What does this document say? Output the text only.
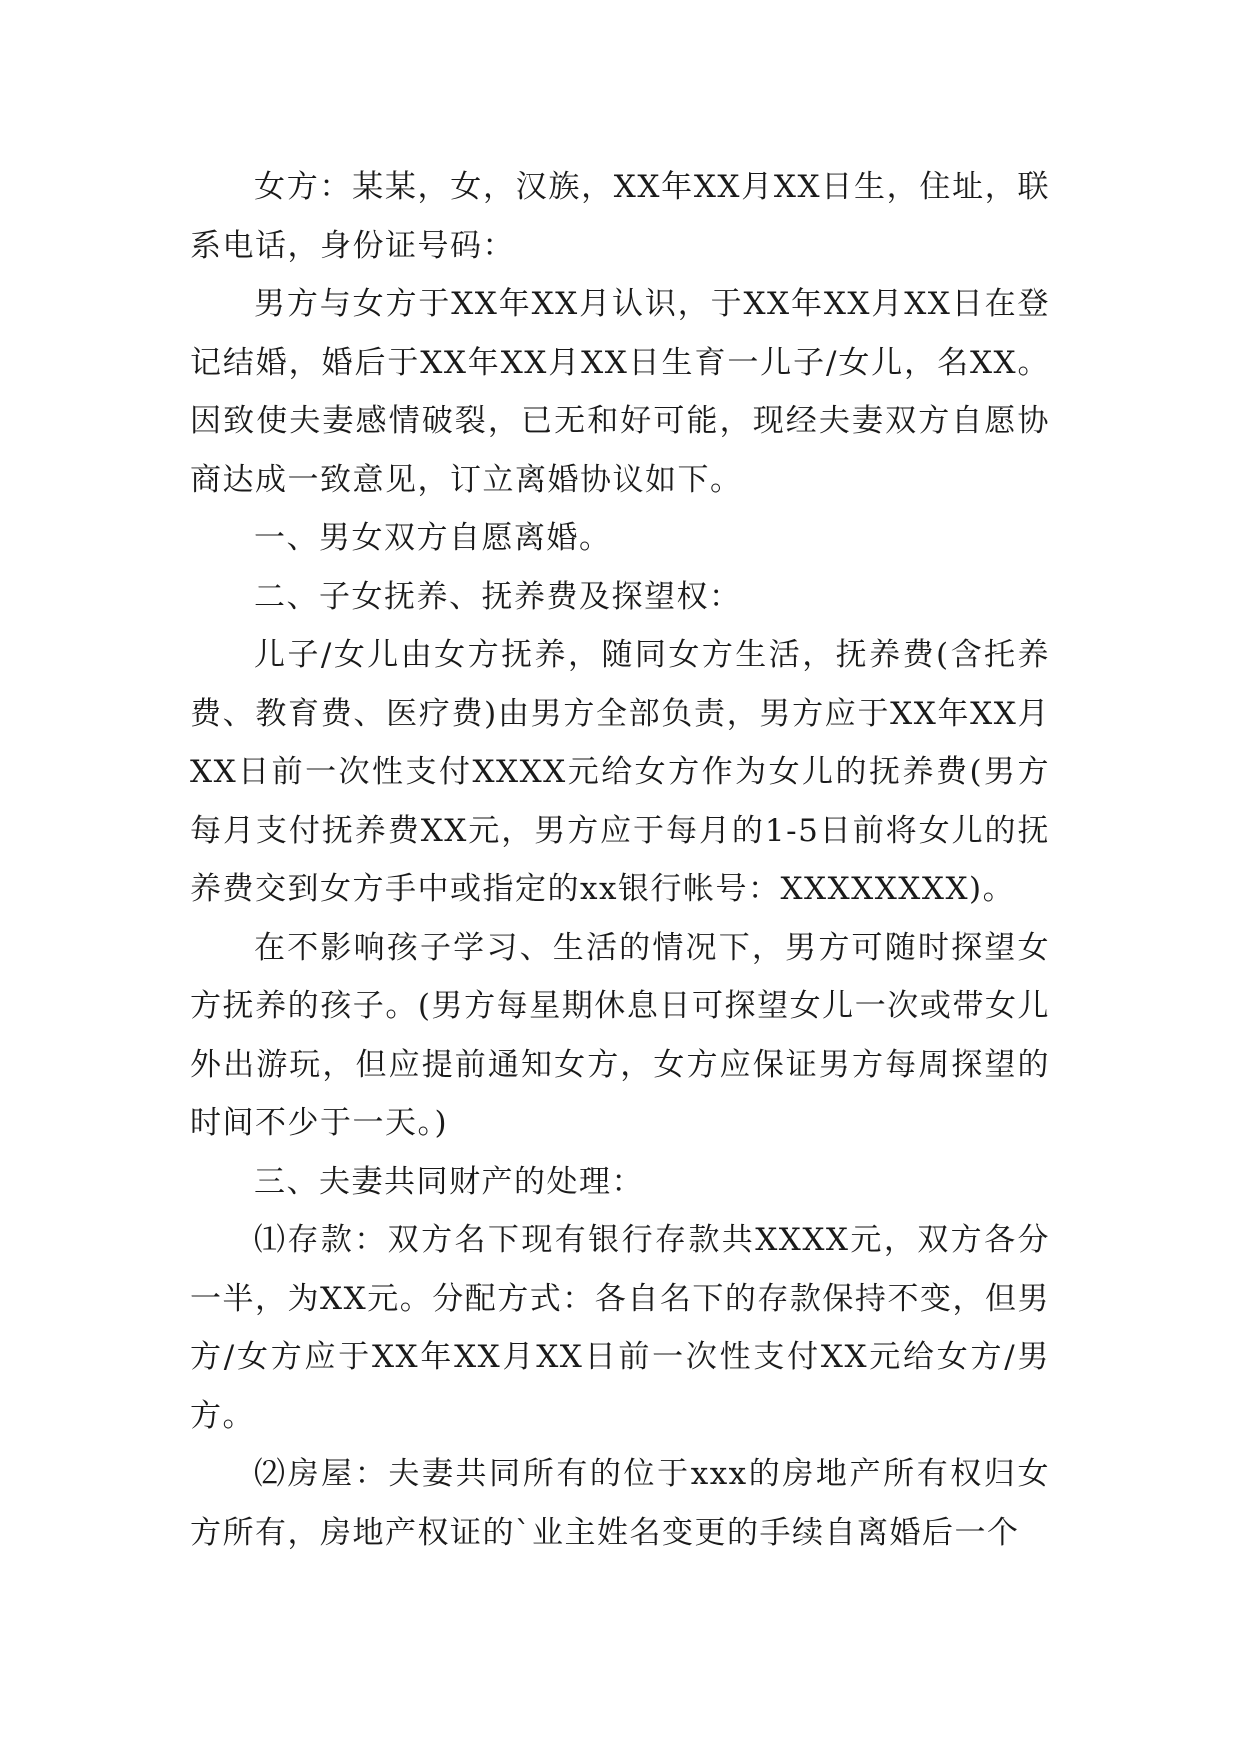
女方：某某，女，汉族，XX年XX月XX日生，住址，联系电话，身份证号码：

男方与女方于XX年XX月认识，于XX年XX月XX日在登记结婚，婚后于XX年XX月XX日生育一儿子/女儿，名XX。因致使夫妻感情破裂，已无和好可能，现经夫妻双方自愿协商达成一致意见，订立离婚协议如下。

一、男女双方自愿离婚。

二、子女抚养、抚养费及探望权：

儿子/女儿由女方抚养，随同女方生活，抚养费(含托养费、教育费、医疗费)由男方全部负责，男方应于XX年XX月XX日前一次性支付XXXX元给女方作为女儿的抚养费(男方每月支付抚养费XX元，男方应于每月的1-5日前将女儿的抚养费交到女方手中或指定的xx银行帐号：XXXXXXXX)。

在不影响孩子学习、生活的情况下，男方可随时探望女方抚养的孩子。(男方每星期休息日可探望女儿一次或带女儿外出游玩，但应提前通知女方，女方应保证男方每周探望的时间不少于一天。)

三、夫妻共同财产的处理：

⑴存款：双方名下现有银行存款共XXXX元，双方各分一半，为XX元。分配方式：各自名下的存款保持不变，但男方/女方应于XX年XX月XX日前一次性支付XX元给女方/男方。

⑵房屋：夫妻共同所有的位于xxx的房地产所有权归女方所有，房地产权证的`业主姓名变更的手续自离婚后一个
